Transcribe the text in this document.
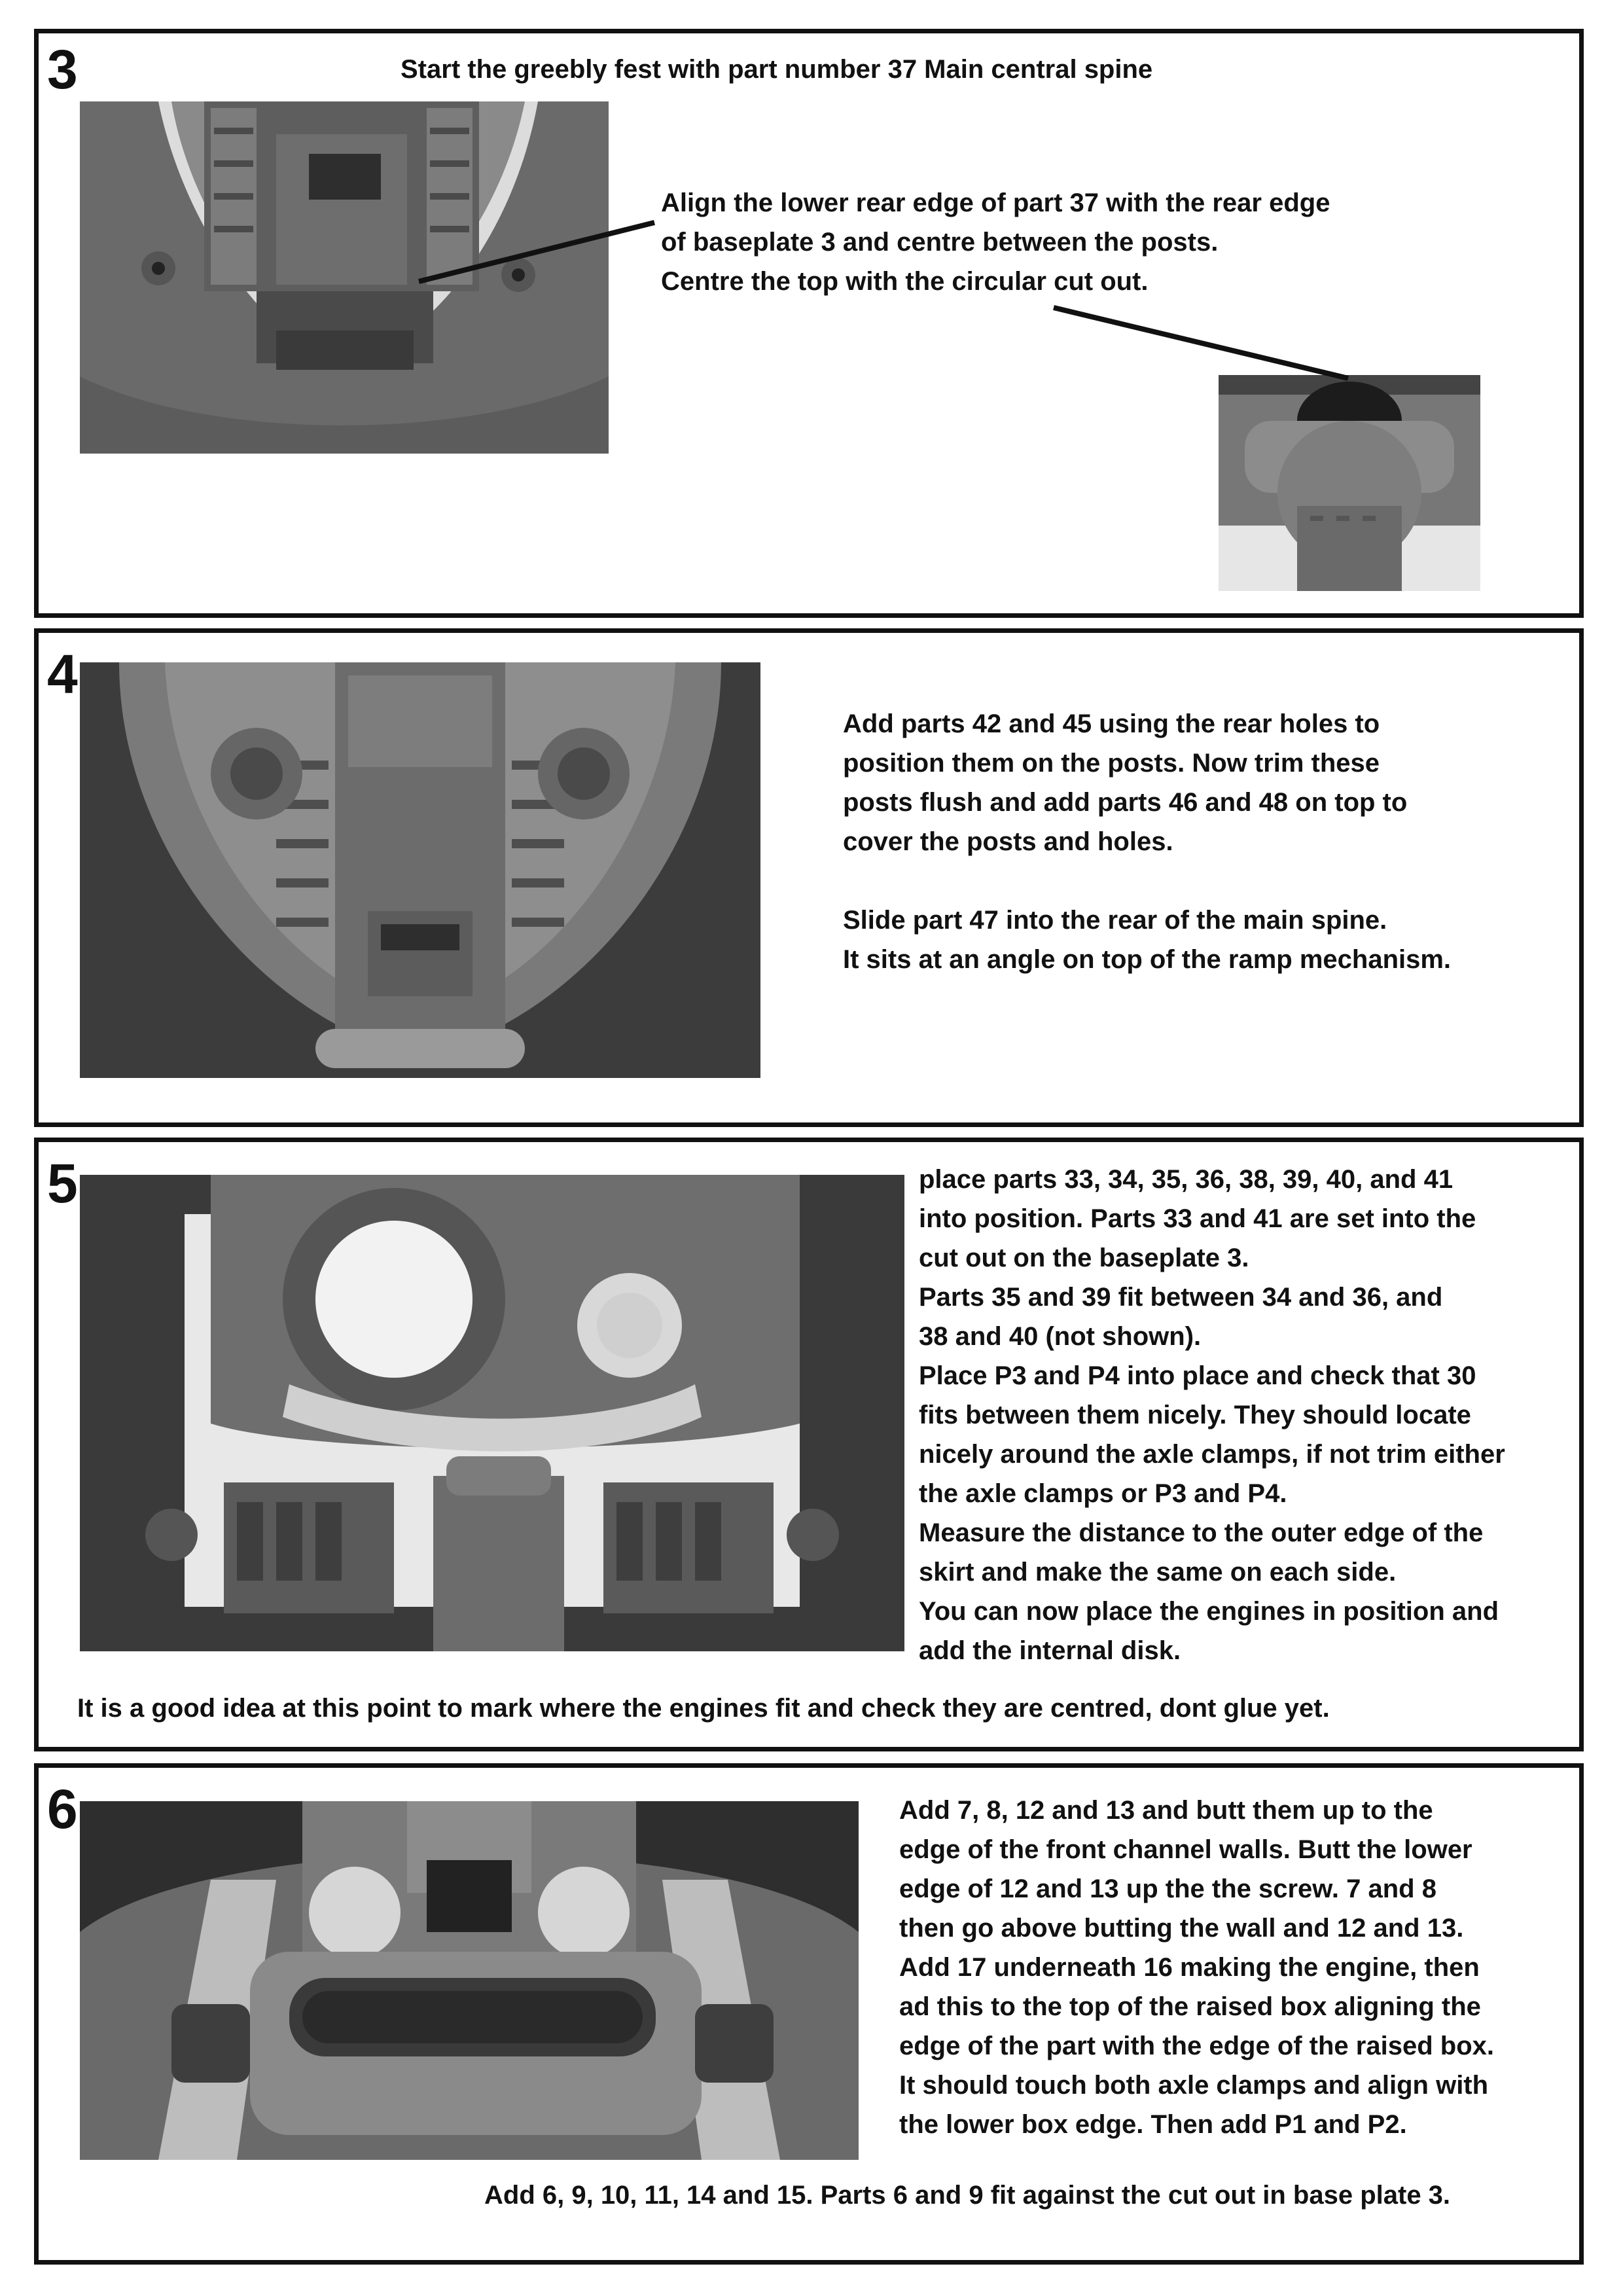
3	Start the greebly fest with part number 37 Main central spine

Align the lower rear edge of part 37 with the rear edge

of baseplate 3 and centre between the posts.

Centre the top with the circular cut out.

4

Add parts 42 and 45 using the rear holes to

position them on the posts. Now trim these

posts flush and add parts 46 and 48 on top to

cover the posts and holes.

Slide part 47 into the rear of the main spine.

It sits at an angle on top of the ramp mechanism.

5	place parts 33, 34, 35, 36, 38, 39, 40, and 41

into position. Parts 33 and 41 are set into the

cut out on the baseplate 3.

Parts 35 and 39 fit between 34 and 36, and

38 and 40 (not shown).

Place P3 and P4 into place and check that 30

fits between them nicely. They should locate

nicely around the axle clamps, if not trim either

the axle clamps or P3 and P4.

Measure the distance to the outer edge of the

skirt and make the same on each side.

You can now place the engines in position and

add the internal disk.

It is a good idea at this point to mark where the engines fit and check they are centred, dont glue yet.
6	Add 7, 8, 12 and 13 and butt them up to the

edge of the front channel walls. Butt the lower

edge of 12 and 13 up the the screw. 7 and 8

then go above butting the wall and 12 and 13.

Add 17 underneath 16 making the engine, then

ad this to the top of the raised box aligning the

edge of the part with the edge of the raised box.

It should touch both axle clamps and align with

the lower box edge. Then add P1 and P2.

Add 6, 9, 10, 11, 14 and 15. Parts 6 and 9 fit against the cut out in base plate 3.
